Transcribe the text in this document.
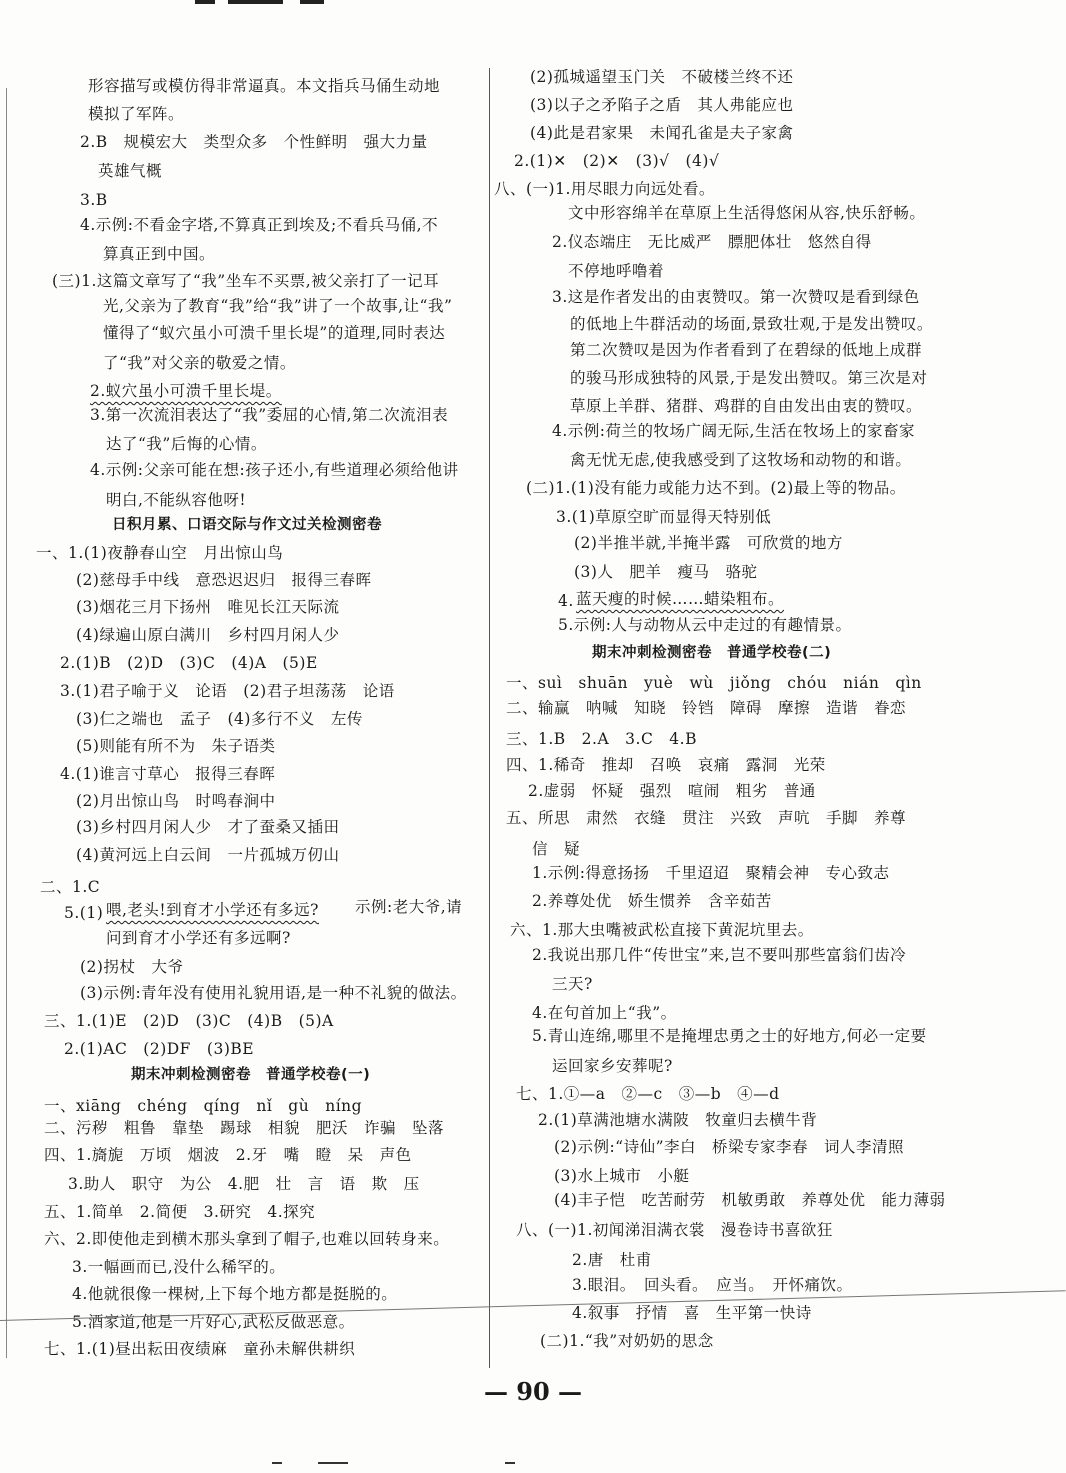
形容描写或模仿得非常逼真。本文指兵马俑生动地
模拟了军阵。
2.B　规模宏大　类型众多　个性鲜明　强大力量
英雄气概
3.B
4.示例:不看金字塔,不算真正到埃及;不看兵马俑,不
算真正到中国。
(三)1.这篇文章写了“我”坐车不买票,被父亲打了一记耳
光,父亲为了教育“我”给“我”讲了一个故事,让“我”
懂得了“蚁穴虽小可溃千里长堤”的道理,同时表达
了“我”对父亲的敬爱之情。
2.蚁穴虽小可溃千里长堤。
3.第一次流泪表达了“我”委屈的心情,第二次流泪表
达了“我”后悔的心情。
4.示例:父亲可能在想:孩子还小,有些道理必须给他讲
明白,不能纵容他呀!
日积月累、口语交际与作文过关检测密卷
一、1.(1)夜静春山空　月出惊山鸟
(2)慈母手中线　意恐迟迟归　报得三春晖
(3)烟花三月下扬州　唯见长江天际流
(4)绿遍山原白满川　乡村四月闲人少
2.(1)B　(2)D　(3)C　(4)A　(5)E
3.(1)君子喻于义　论语　(2)君子坦荡荡　论语
(3)仁之端也　孟子　(4)多行不义　左传
(5)则能有所不为　朱子语类
4.(1)谁言寸草心　报得三春晖
(2)月出惊山鸟　时鸣春涧中
(3)乡村四月闲人少　才了蚕桑又插田
(4)黄河远上白云间　一片孤城万仞山
二、1.C
5.(1) 喂,老头!到育才小学还有多远? 示例:老大爷,请
问到育才小学还有多远啊?
(2)拐杖　大爷
(3)示例:青年没有使用礼貌用语,是一种不礼貌的做法。
三、1.(1)E　(2)D　(3)C　(4)B　(5)A
2.(1)AC　(2)DF　(3)BE
期末冲刺检测密卷　普通学校卷(一)
一、xiāng　chéng　qíng　nǐ　gù　níng
二、污秽　粗鲁　靠垫　踢球　相貌　肥沃　诈骗　坠落
四、1.旖旎　万顷　烟波　2.牙　嘴　瞪　呆　声色
3.助人　职守　为公　4.肥　壮　言　语　欺　压
五、1.简单　2.简便　3.研究　4.探究
六、2.即使他走到横木那头拿到了帽子,也难以回转身来。
3.一幅画而已,没什么稀罕的。
4.他就很像一棵树,上下每个地方都是挺脱的。
5.酒家道,他是一片好心,武松反做恶意。
七、1.(1)昼出耘田夜绩麻　童孙未解供耕织
(2)孤城遥望玉门关　不破楼兰终不还
(3)以子之矛陷子之盾　其人弗能应也
(4)此是君家果　未闻孔雀是夫子家禽
2.(1)✕　(2)✕　(3)√　(4)√
八、(一)1.用尽眼力向远处看。
文中形容绵羊在草原上生活得悠闲从容,快乐舒畅。
2.仪态端庄　无比威严　膘肥体壮　悠然自得
不停地呼噜着
3.这是作者发出的由衷赞叹。第一次赞叹是看到绿色
的低地上牛群活动的场面,景致壮观,于是发出赞叹。
第二次赞叹是因为作者看到了在碧绿的低地上成群
的骏马形成独特的风景,于是发出赞叹。第三次是对
草原上羊群、猪群、鸡群的自由发出由衷的赞叹。
4.示例:荷兰的牧场广阔无际,生活在牧场上的家畜家
禽无忧无虑,使我感受到了这牧场和动物的和谐。
(二)1.(1)没有能力或能力达不到。(2)最上等的物品。
3.(1)草原空旷而显得天特别低
(2)半推半就,半掩半露　可欣赏的地方
(3)人　肥羊　瘦马　骆驼
4. 蓝天瘦的时候……蜡染粗布。
5.示例:人与动物从云中走过的有趣情景。
期末冲刺检测密卷　普通学校卷(二)
一、suì　shuān　yuè　wù　jiǒng　chóu　nián　qìn
二、输赢　呐喊　知晓　铃铛　障碍　摩擦　造谐　眷恋
三、1.B　2.A　3.C　4.B
四、1.稀奇　推却　召唤　哀痛　露洞　光荣
2.虚弱　怀疑　强烈　喧闹　粗劣　普通
五、所思　肃然　衣缝　贯注　兴致　声吭　手脚　养尊
信　疑
1.示例:得意扬扬　千里迢迢　聚精会神　专心致志
2.养尊处优　娇生惯养　含辛茹苦
六、1.那大虫嘴被武松直接下黄泥坑里去。
2.我说出那几件“传世宝”来,岂不要叫那些富翁们齿冷
三天?
4.在句首加上“我”。
5.青山连绵,哪里不是掩埋忠勇之士的好地方,何必一定要
运回家乡安葬呢?
七、1.①—a　②—c　③—b　④—d
2.(1)草满池塘水满陂　牧童归去横牛背
(2)示例:“诗仙”李白　桥梁专家李春　词人李清照
(3)水上城市　小艇
(4)丰子恺　吃苦耐劳　机敏勇敢　养尊处优　能力薄弱
八、(一)1.初闻涕泪满衣裳　漫卷诗书喜欲狂
2.唐　杜甫
3.眼泪。　回头看。　应当。　开怀痛饮。
4.叙事　抒情　喜　生平第一快诗
(二)1.“我”对奶奶的思念
— 90 —
